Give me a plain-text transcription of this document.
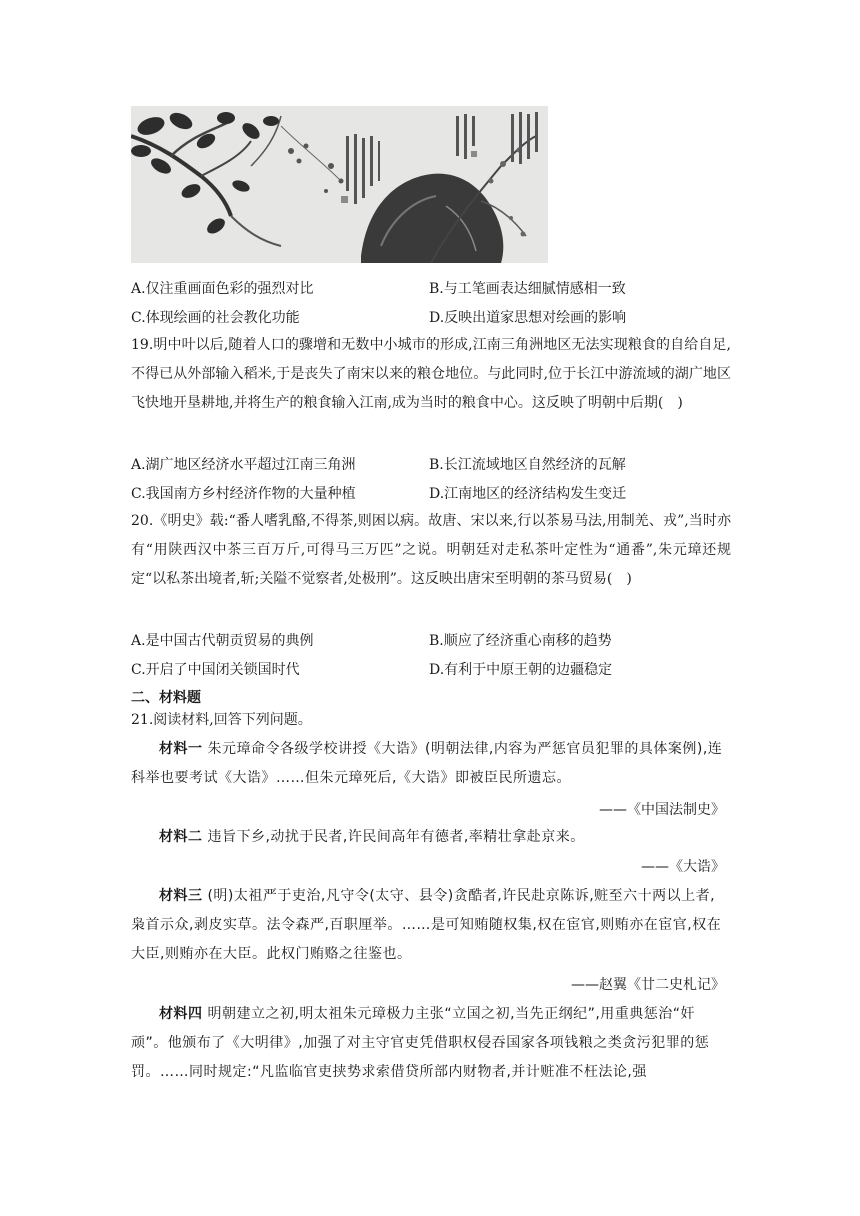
A.仅注重画面色彩的强烈对比	B.与工笔画表达细腻情感相一致
C.体现绘画的社会教化功能	D.反映出道家思想对绘画的影响
19.明中叶以后,随着人口的骤增和无数中小城市的形成,江南三角洲地区无法实现粮食的自给自足,不得已从外部输入稻米,于是丧失了南宋以来的粮仓地位。与此同时,位于长江中游流域的湖广地区飞快地开垦耕地,并将生产的粮食输入江南,成为当时的粮食中心。这反映了明朝中后期(　)
A.湖广地区经济水平超过江南三角洲	B.长江流域地区自然经济的瓦解
C.我国南方乡村经济作物的大量种植	D.江南地区的经济结构发生变迁
20.《明史》载:“番人嗜乳酪,不得茶,则困以病。故唐、宋以来,行以茶易马法,用制羌、戎”,当时亦有“用陕西汉中茶三百万斤,可得马三万匹”之说。明朝廷对走私茶叶定性为“通番”,朱元璋还规定“以私茶出境者,斩;关隘不觉察者,处极刑”。这反映出唐宋至明朝的茶马贸易(　)
A.是中国古代朝贡贸易的典例	B.顺应了经济重心南移的趋势
C.开启了中国闭关锁国时代	D.有利于中原王朝的边疆稳定
二、材料题
21.阅读材料,回答下列问题。
材料一 朱元璋命令各级学校讲授《大诰》(明朝法律,内容为严惩官员犯罪的具体案例),连科举也要考试《大诰》……但朱元璋死后,《大诰》即被臣民所遗忘。
——《中国法制史》
材料二 违旨下乡,动扰于民者,许民间高年有德者,率精壮拿赴京来。
——《大诰》
材料三 (明)太祖严于吏治,凡守令(太守、县令)贪酷者,许民赴京陈诉,赃至六十两以上者,枭首示众,剥皮实草。法令森严,百职厘举。……是可知贿随权集,权在宦官,则贿亦在宦官,权在大臣,则贿亦在大臣。此权门贿赂之往鉴也。
——赵翼《廿二史札记》
材料四 明朝建立之初,明太祖朱元璋极力主张“立国之初,当先正纲纪”,用重典惩治“奸顽”。他颁布了《大明律》,加强了对主守官吏凭借职权侵吞国家各项钱粮之类贪污犯罪的惩罚。……同时规定:“凡监临官吏挟势求索借贷所部内财物者,并计赃准不枉法论,强
